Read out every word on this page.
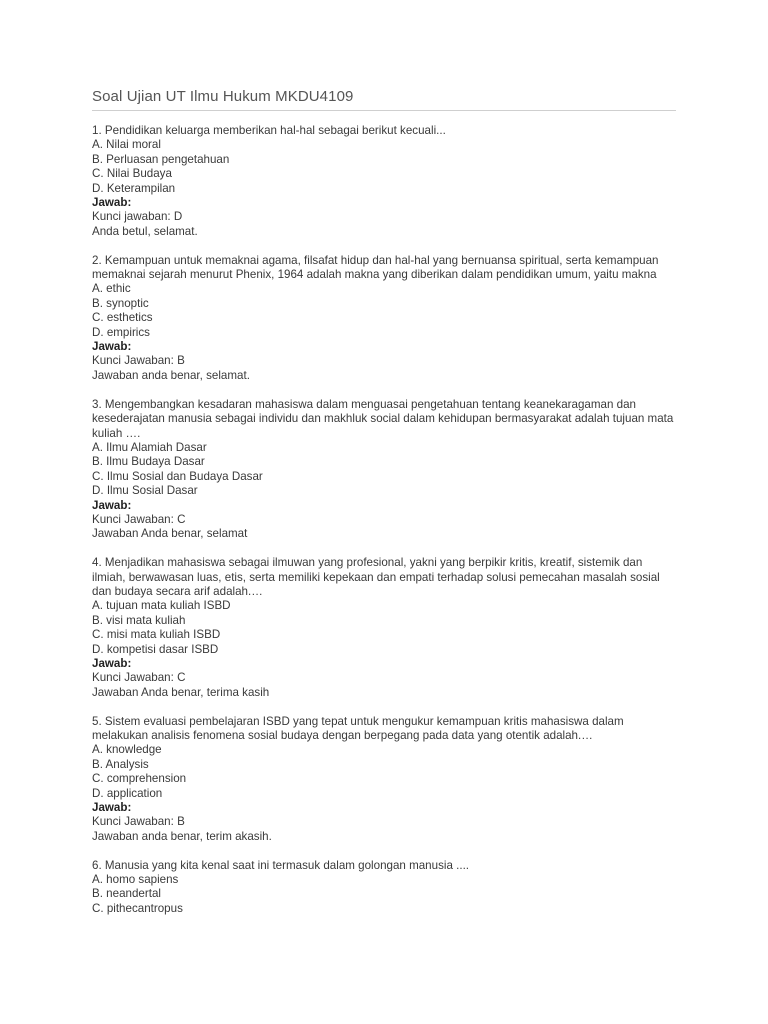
Soal Ujian UT Ilmu Hukum MKDU4109
1. Pendidikan keluarga memberikan hal-hal sebagai berikut kecuali...
A. Nilai moral
B. Perluasan pengetahuan
C. Nilai Budaya
D. Keterampilan
Jawab:
Kunci jawaban: D
Anda betul, selamat.
2. Kemampuan untuk memaknai agama, filsafat hidup dan hal-hal yang bernuansa spiritual, serta kemampuan memaknai sejarah menurut Phenix, 1964 adalah makna yang diberikan dalam pendidikan umum, yaitu makna
A. ethic
B. synoptic
C. esthetics
D. empirics
Jawab:
Kunci Jawaban: B
Jawaban anda benar, selamat.
3. Mengembangkan kesadaran mahasiswa dalam menguasai pengetahuan tentang keanekaragaman dan kesederajatan manusia sebagai individu dan makhluk social dalam kehidupan bermasyarakat adalah tujuan mata kuliah ….
A. Ilmu Alamiah Dasar
B. Ilmu Budaya Dasar
C. Ilmu Sosial dan Budaya Dasar
D. Ilmu Sosial Dasar
Jawab:
Kunci Jawaban: C
Jawaban Anda benar, selamat
4. Menjadikan mahasiswa sebagai ilmuwan yang profesional, yakni yang berpikir kritis, kreatif, sistemik dan ilmiah, berwawasan luas, etis, serta memiliki kepekaan dan empati terhadap solusi pemecahan masalah sosial dan budaya secara arif adalah.…
A. tujuan mata kuliah ISBD
B. visi mata kuliah
C. misi mata kuliah ISBD
D. kompetisi dasar ISBD
Jawab:
Kunci Jawaban: C
Jawaban Anda benar, terima kasih
5. Sistem evaluasi pembelajaran ISBD yang tepat untuk mengukur kemampuan kritis mahasiswa dalam melakukan analisis fenomena sosial budaya dengan berpegang pada data yang otentik adalah.…
A. knowledge
B. Analysis
C. comprehension
D. application
Jawab:
Kunci Jawaban: B
Jawaban anda benar, terim akasih.
6. Manusia yang kita kenal saat ini termasuk dalam golongan manusia ....
A. homo sapiens
B. neandertal
C. pithecantropus
